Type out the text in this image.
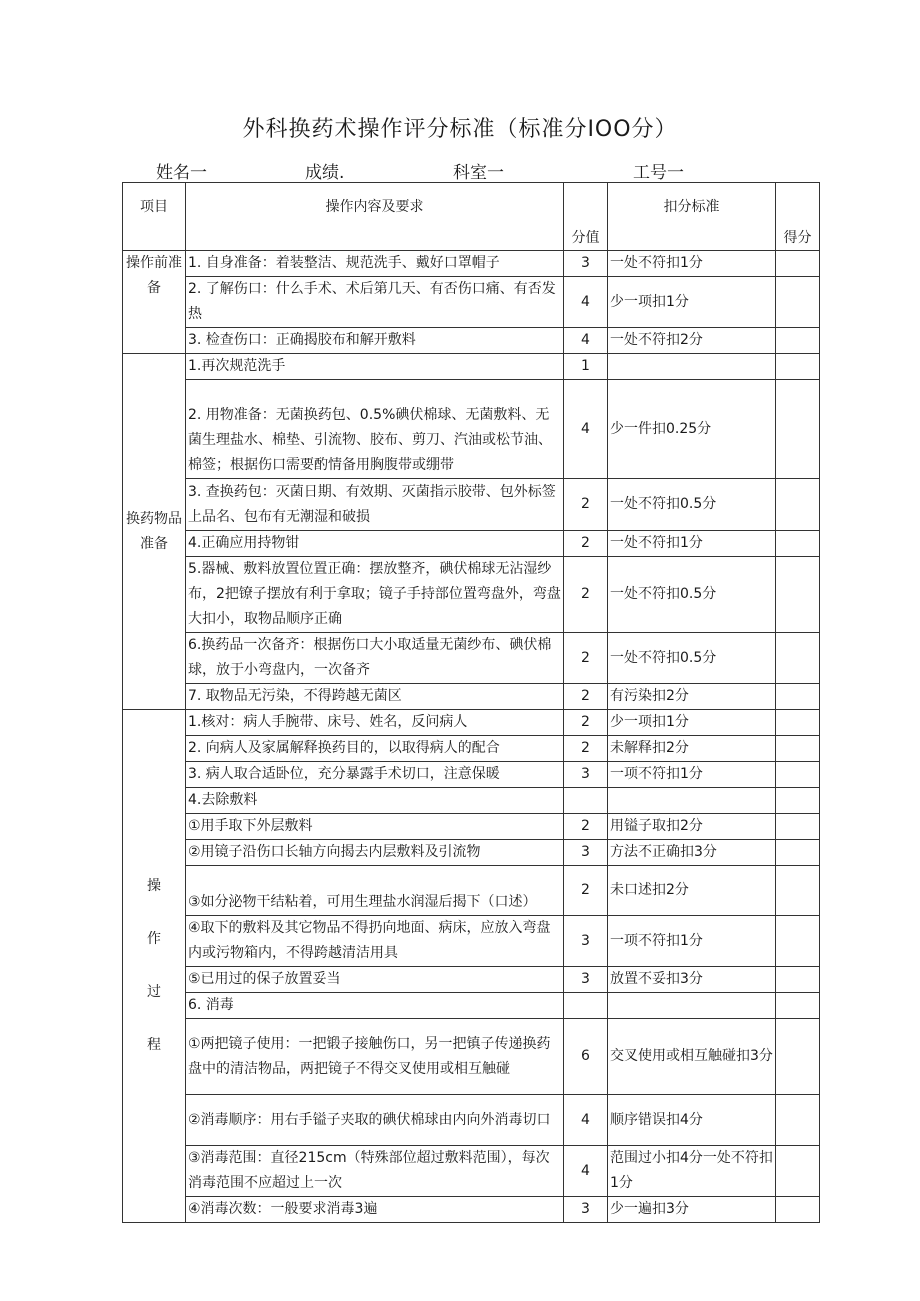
外科换药术操作评分标准（标准分IOO分）
姓名一	成绩.	科室一	工号一
项目	操作内容及要求	分值	扣分标准	得分
操作前准备	1. 自身准备：着装整洁、规范洗手、戴好口罩帽子	3	一处不符扣1分	
	2. 了解伤口：什么手术、术后第几天、有否伤口痛、有否发热	4	少一项扣1分	
	3. 检查伤口：正确揭胶布和解开敷料	4	一处不符扣2分	
换药物品准备	1.再次规范洗手	1		
	2. 用物准备：无菌换药包、0.5%碘伏棉球、无菌敷料、无菌生理盐水、棉垫、引流物、胶布、剪刀、汽油或松节油、棉签；根据伤口需要酌情备用胸腹带或绷带	4	少一件扣0.25分	
	3. 查换药包：灭菌日期、有效期、灭菌指示胶带、包外标签上品名、包布有无潮湿和破损	2	一处不符扣0.5分	
	4.正确应用持物钳	2	一处不符扣1分	
	5.器械、敷料放置位置正确：摆放整齐，碘伏棉球无沾湿纱布，2把镣子摆放有利于拿取；镜子手持部位置弯盘外，弯盘大扣小，取物品顺序正确	2	一处不符扣0.5分	
	6.换药品一次备齐：根据伤口大小取适量无菌纱布、碘伏棉球，放于小弯盘内，一次备齐	2	一处不符扣0.5分	
	7. 取物品无污染，不得跨越无菌区	2	有污染扣2分	

操作过程	1.核对：病人手腕带、床号、姓名，反问病人	2	少一项扣1分	
	2. 向病人及家属解释换药目的，以取得病人的配合	2	未解释扣2分	
	3. 病人取合适卧位，充分暴露手术切口，注意保暖	3	一项不符扣1分	
	4.去除敷料			
	①用手取下外层敷料	2	用镒子取扣2分	
	②用镜子沿伤口长轴方向揭去内层敷料及引流物	3	方法不正确扣3分	
	③如分泌物干结粘着，可用生理盐水润湿后揭下（口述）	2	未口述扣2分	
	④取下的敷料及其它物品不得扔向地面、病床，应放入弯盘内或污物箱内，不得跨越清洁用具	3	一项不符扣1分	
	⑤已用过的保子放置妥当	3	放置不妥扣3分	
	6. 消毒			
	①两把镜子使用：一把锻子接触伤口，另一把镇子传递换药盘中的清洁物品，两把镜子不得交叉使用或相互触碰	6	交叉使用或相互触碰扣3分	
	②消毒顺序：用右手镒子夹取的碘伏棉球由内向外消毒切口	4	顺序错误扣4分	
	③消毒范围：直径215cm（特殊部位超过敷料范围），每次消毒范围不应超过上一次	4	范围过小扣4分一处不符扣1分	
	④消毒次数：一般要求消毒3遍	3	少一遍扣3分	
